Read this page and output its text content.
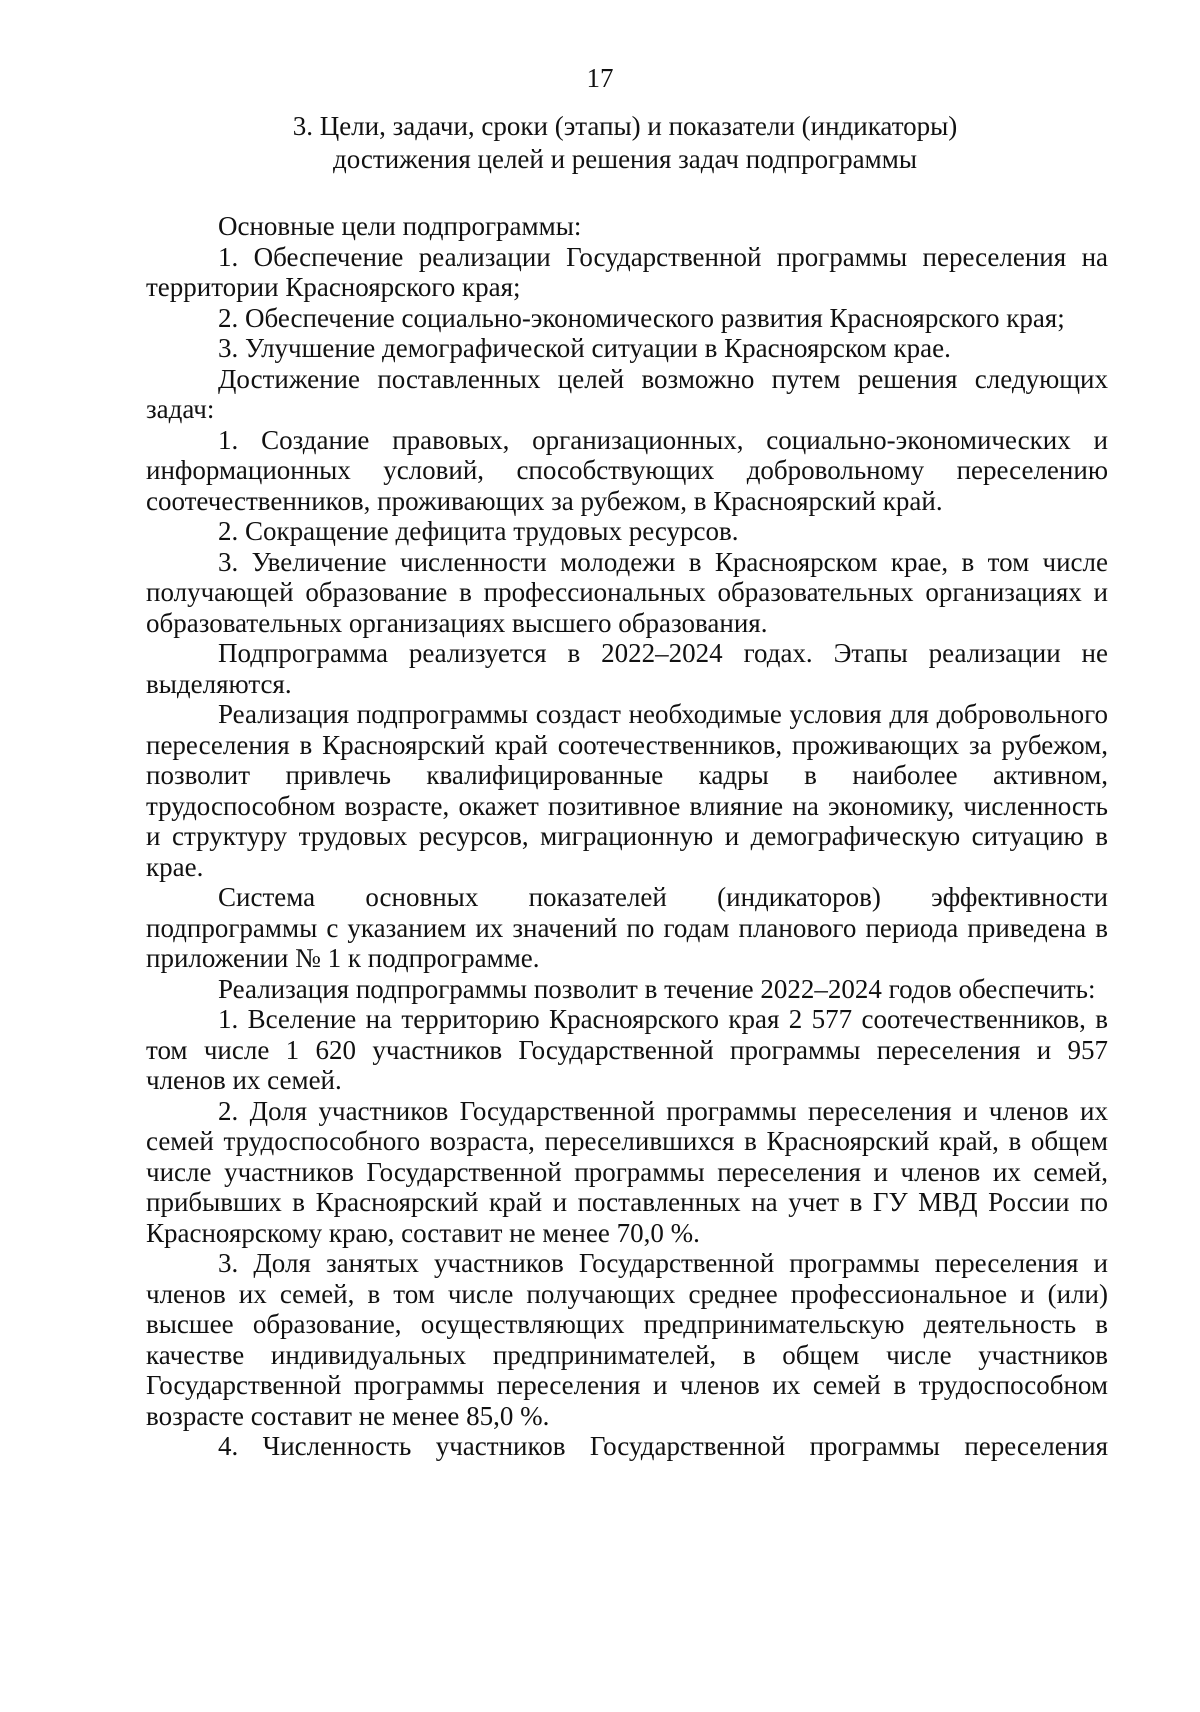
17
3. Цели, задачи, сроки (этапы) и показатели (индикаторы)
достижения целей и решения задач подпрограммы

Основные цели подпрограммы:

1. Обеспечение реализации Государственной программы переселения на территории Красноярского края;

2. Обеспечение социально-экономического развития Красноярского края;

3. Улучшение демографической ситуации в Красноярском крае.

Достижение поставленных целей возможно путем решения следующих задач:

1. Создание правовых, организационных, социально-экономических и информационных условий, способствующих добровольному переселению соотечественников, проживающих за рубежом, в Красноярский край.

2. Сокращение дефицита трудовых ресурсов.

3. Увеличение численности молодежи в Красноярском крае, в том числе получающей образование в профессиональных образовательных организациях и образовательных организациях высшего образования.

Подпрограмма реализуется в 2022–2024 годах. Этапы реализации не выделяются.

Реализация подпрограммы создаст необходимые условия для добровольного переселения в Красноярский край соотечественников, проживающих за рубежом, позволит привлечь квалифицированные кадры в наиболее активном, трудоспособном возрасте, окажет позитивное влияние на экономику, численность и структуру трудовых ресурсов, миграционную и демографическую ситуацию в крае.

Система основных показателей (индикаторов) эффективности подпрограммы с указанием их значений по годам планового периода приведена в приложении № 1 к подпрограмме.

Реализация подпрограммы позволит в течение 2022–2024 годов обеспечить:

1. Вселение на территорию Красноярского края 2 577 соотечественников, в том числе 1 620 участников Государственной программы переселения и 957 членов их семей.

2. Доля участников Государственной программы переселения и членов их семей трудоспособного возраста, переселившихся в Красноярский край, в общем числе участников Государственной программы переселения и членов их семей, прибывших в Красноярский край и поставленных на учет в ГУ МВД России по Красноярскому краю, составит не менее 70,0 %.

3. Доля занятых участников Государственной программы переселения и членов их семей, в том числе получающих среднее профессиональное и (или) высшее образование, осуществляющих предпринимательскую деятельность в качестве индивидуальных предпринимателей, в общем числе участников Государственной программы переселения и членов их семей в трудоспособном возрасте составит не менее 85,0 %.

4. Численность участников Государственной программы переселения
